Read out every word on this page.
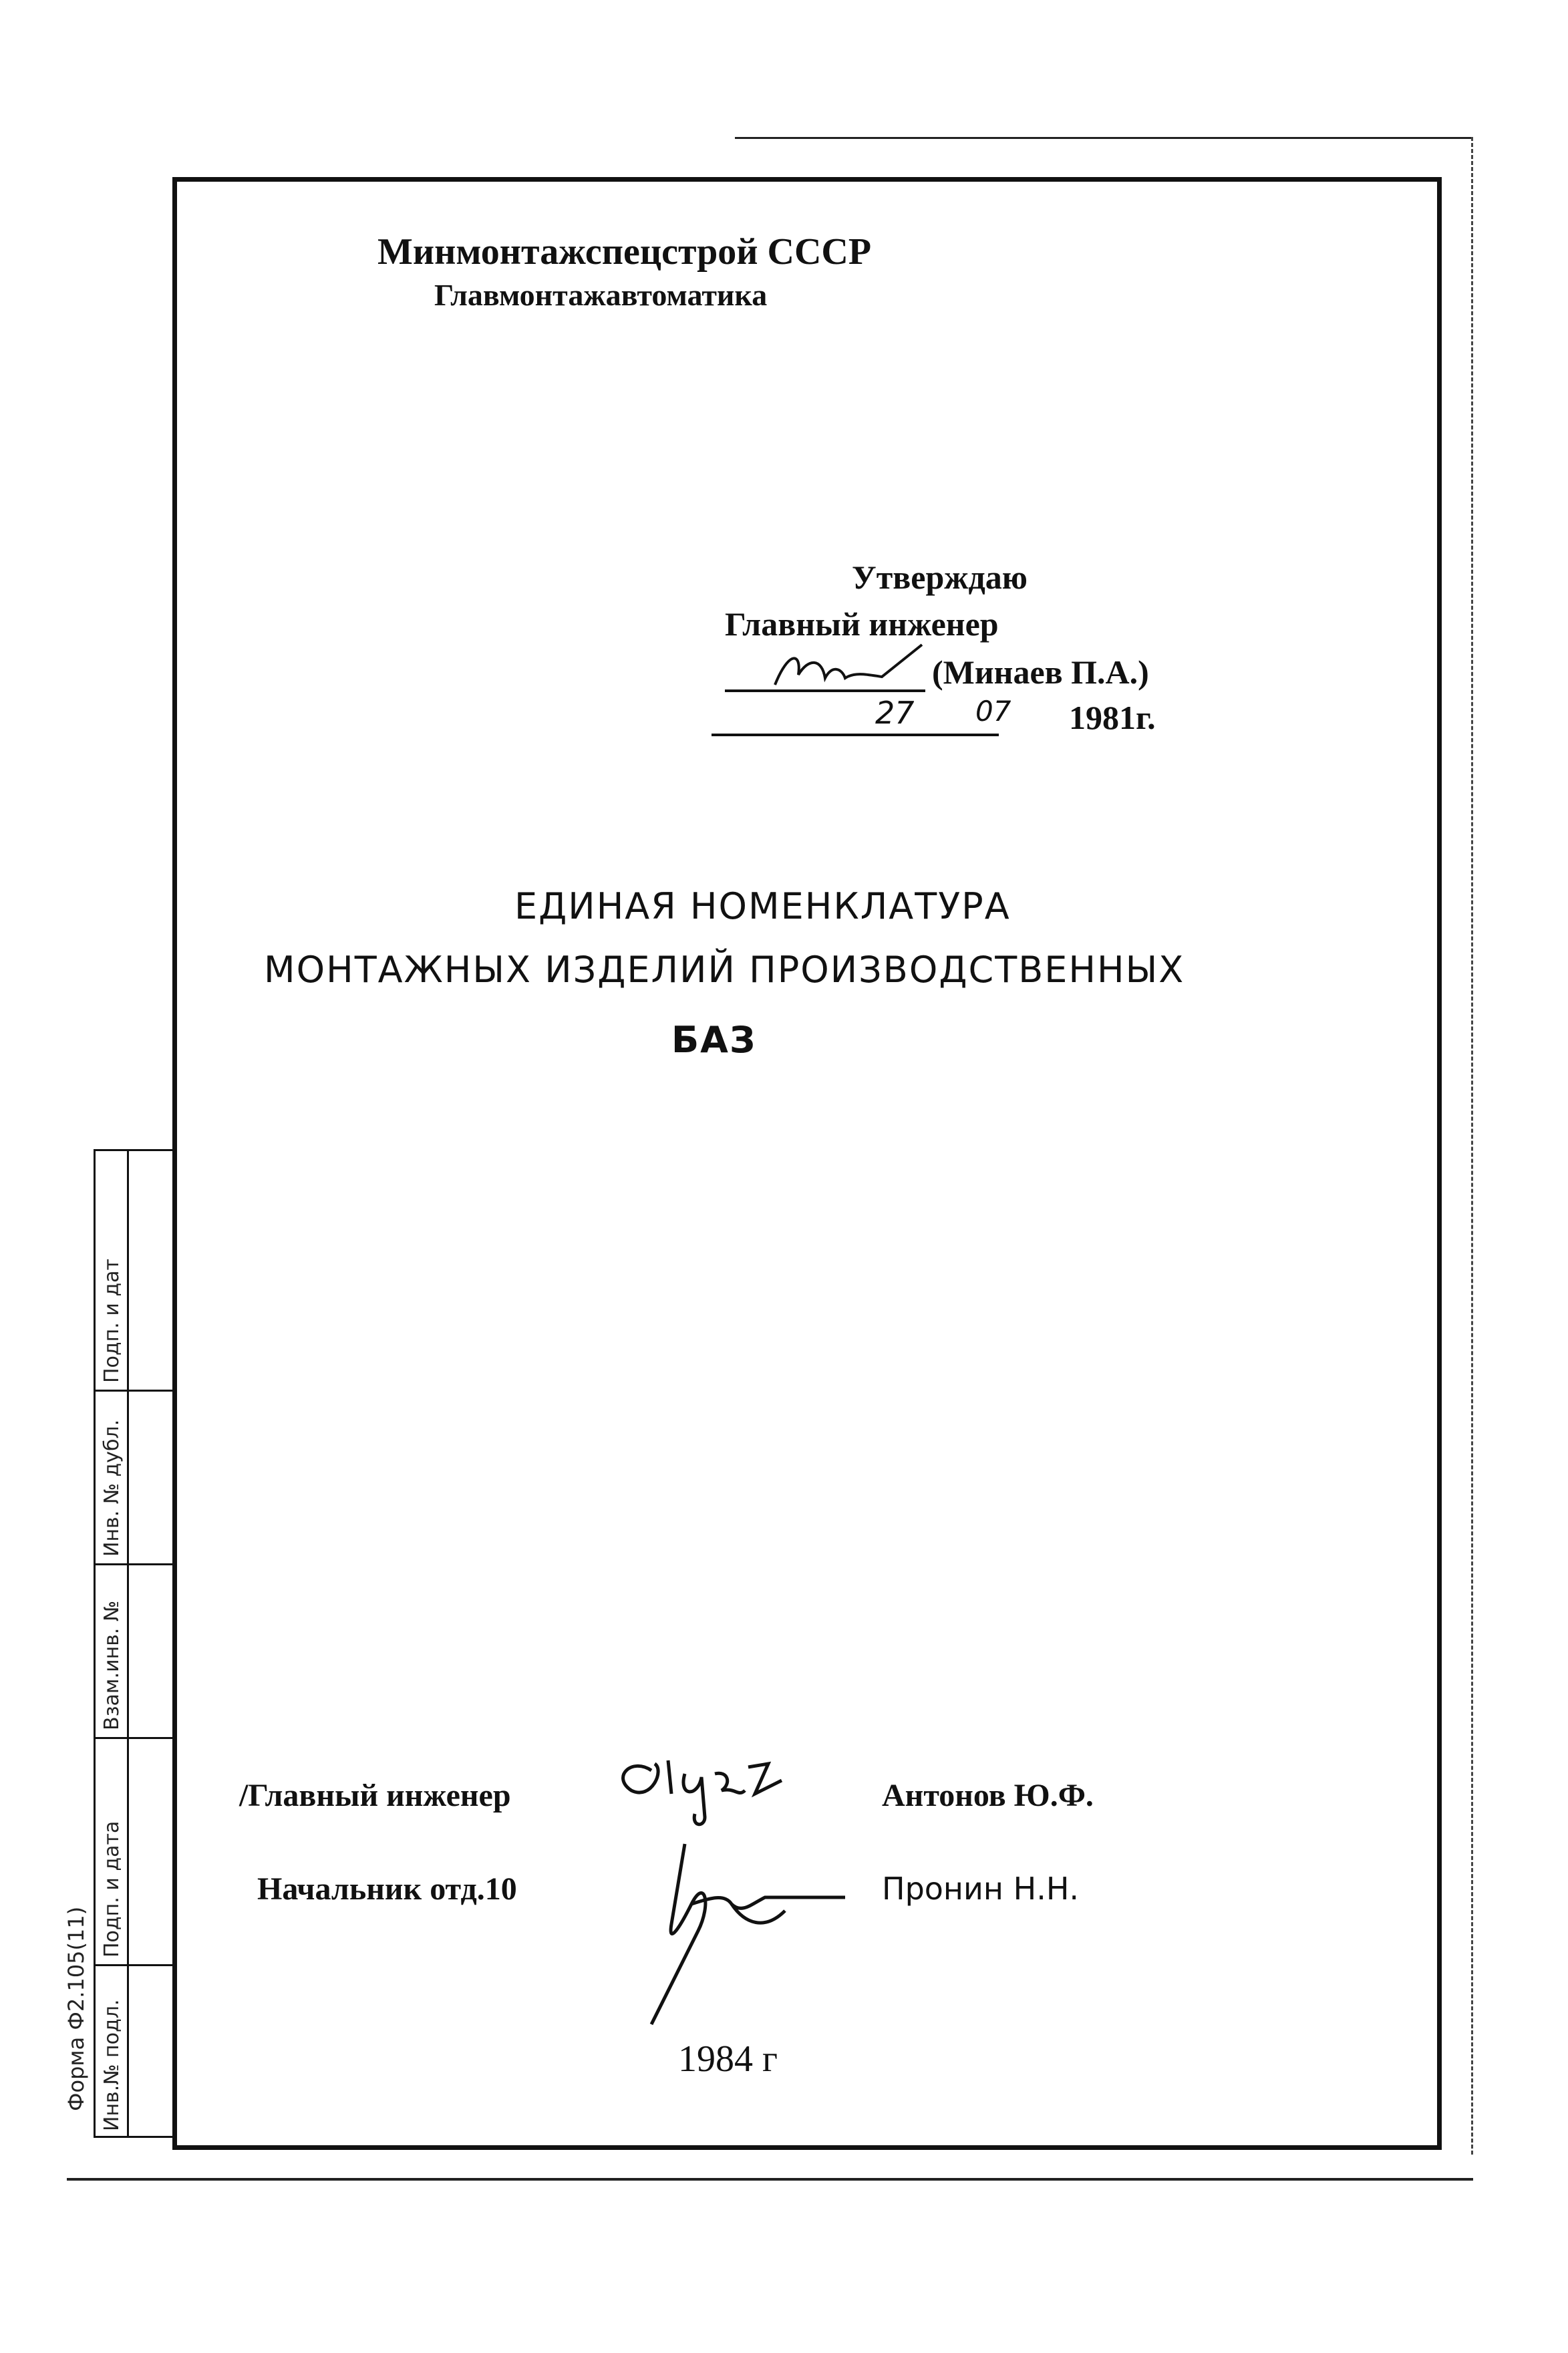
Минмонтажспецстрой СССР
Главмонтажавтоматика
Утверждаю
Главный инженер
(Минаев П.А.)
27 07 1981г.
ЕДИНАЯ НОМЕНКЛАТУРА
МОНТАЖНЫХ ИЗДЕЛИЙ ПРОИЗВОДСТВЕННЫХ
БАЗ
/Главный инженер	Антонов Ю.Ф.
Начальник отд.10	Пронин Н.Н.
1984 г
Инв.№ подл.
Подп. и дата
Взам.инв. №
Инв. № дубл.
Подп. и дат
Форма Ф2.105(11)
